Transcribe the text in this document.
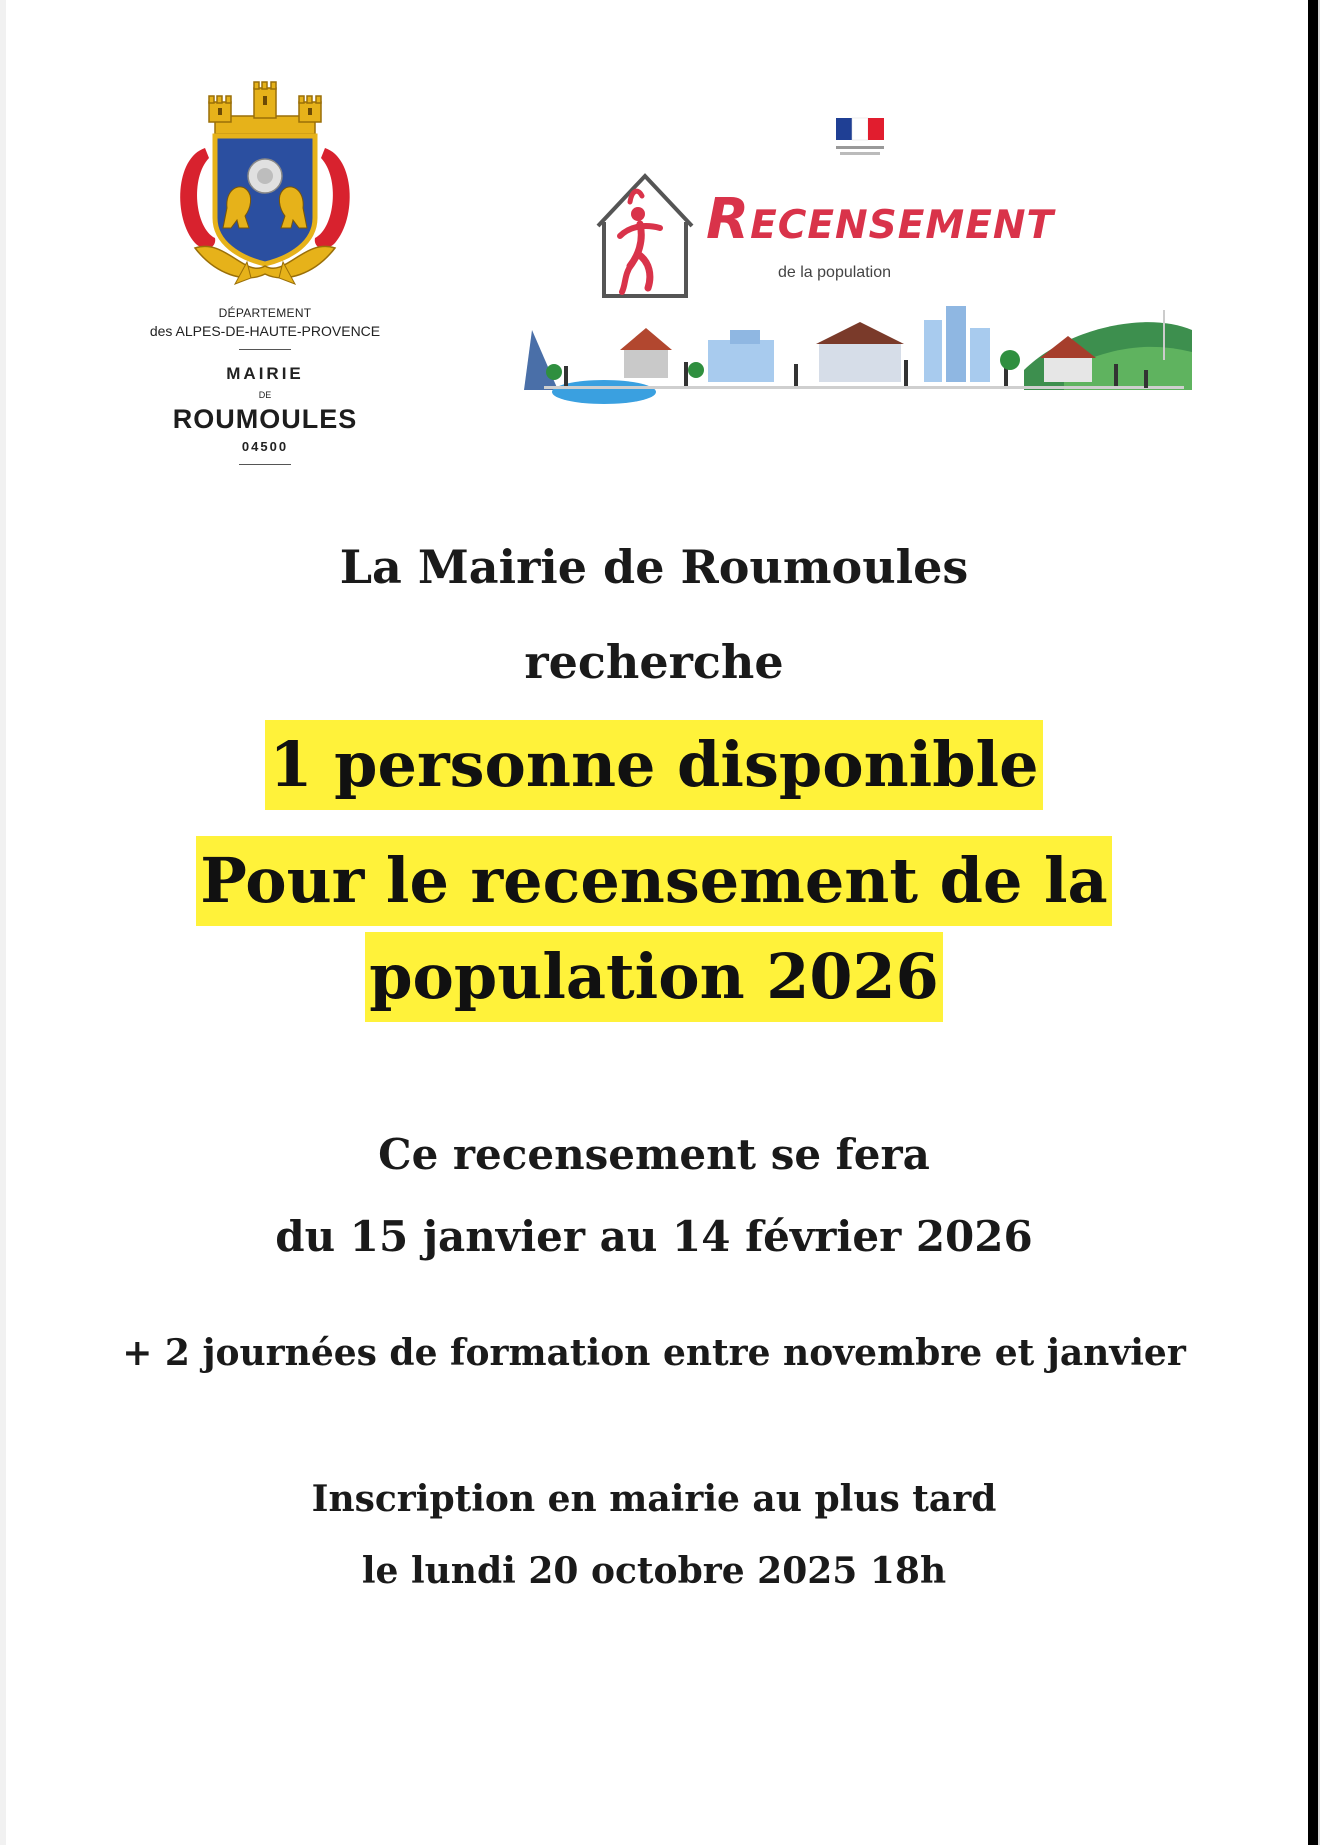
DÉPARTEMENT
des ALPES-DE-HAUTE-PROVENCE
MAIRIE
DE
ROUMOULES
04500
Recensement
de la population
La Mairie de Roumoules
recherche
1 personne disponible
Pour le recensement de la
population 2026
Ce recensement se fera
du 15 janvier au 14 février 2026
+ 2 journées de formation entre novembre et janvier
Inscription en mairie au plus tard
le lundi 20 octobre 2025 18h
